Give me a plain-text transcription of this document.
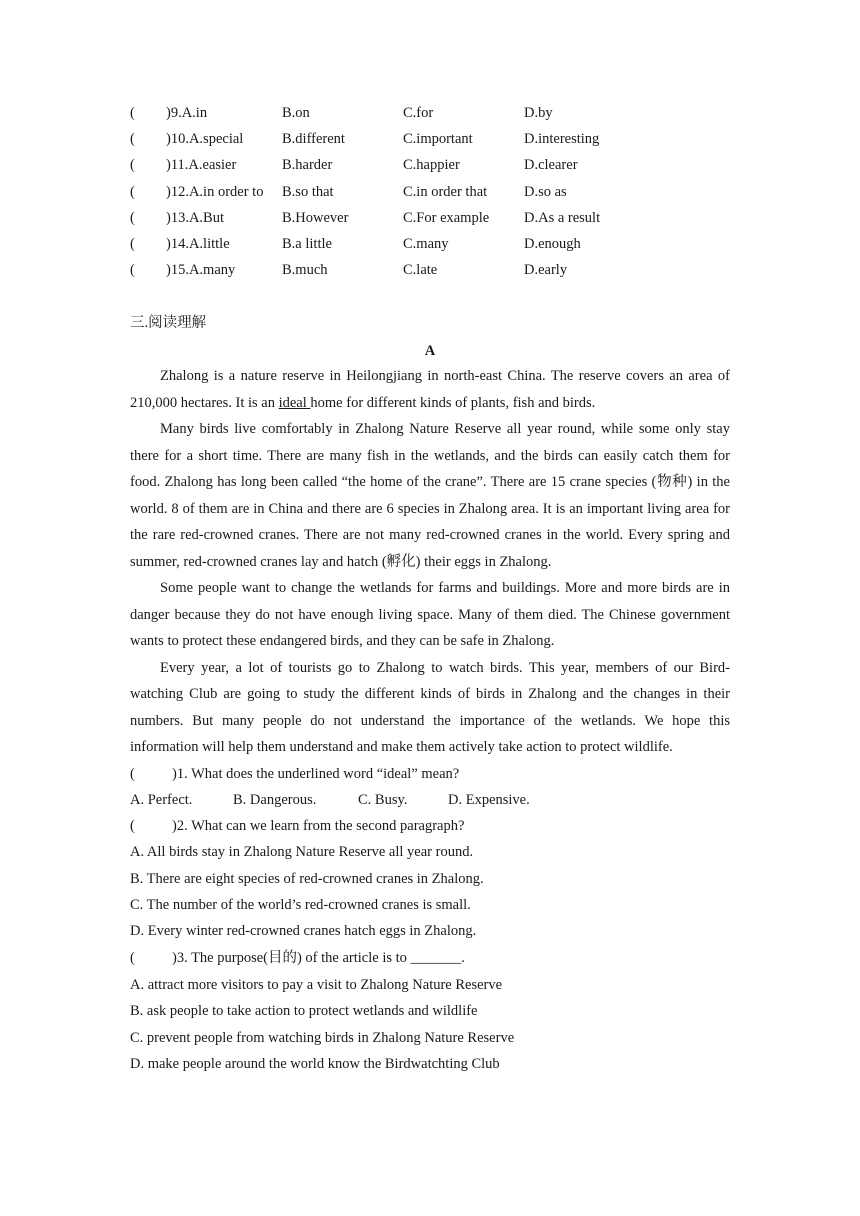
( )9.A.in	B.on	C.for	D.by
( )10.A.special	B.different	C.important	D.interesting
( )11.A.easier	B.harder	C.happier	D.clearer
( )12.A.in order to B.so that	C.in order that	D.so as
( )13.A.But	B.However	C.For example D.As a result
( )14.A.little	B.a little	C.many	D.enough
( )15.A.many	B.much	C.late	D.early
三.阅读理解
A

Zhalong is a nature reserve in Heilongjiang in north-east China. The reserve covers an area of 210,000 hectares. It is an ideal home for different kinds of plants, fish and birds.

Many birds live comfortably in Zhalong Nature Reserve all year round, while some only stay there for a short time. There are many fish in the wetlands, and the birds can easily catch them for food. Zhalong has long been called “the home of the crane”. There are 15 crane species (物种) in the world. 8 of them are in China and there are 6 species in Zhalong area. It is an important living area for the rare red-crowned cranes. There are not many red-crowned cranes in the world. Every spring and summer, red-crowned cranes lay and hatch (孵化) their eggs in Zhalong.

Some people want to change the wetlands for farms and buildings. More and more birds are in danger because they do not have enough living space. Many of them died. The Chinese government wants to protect these endangered birds, and they can be safe in Zhalong.

Every year, a lot of tourists go to Zhalong to watch birds. This year, members of our Bird-watching Club are going to study the different kinds of birds in Zhalong and the changes in their numbers. But many people do not understand the importance of the wetlands. We hope this information will help them understand and make them actively take action to protect wildlife.

(	)1. What does the underlined word “ideal” mean?
A. Perfect.	B. Dangerous.	C. Busy.	D. Expensive.
(	)2. What can we learn from the second paragraph?
A. All birds stay in Zhalong Nature Reserve all year round.
B. There are eight species of red-crowned cranes in Zhalong.
C. The number of the world’s red-crowned cranes is small.
D. Every winter red-crowned cranes hatch eggs in Zhalong.
(	)3. The purpose(目的) of the article is to _______.
A. attract more visitors to pay a visit to Zhalong Nature Reserve
B. ask people to take action to protect wetlands and wildlife
C. prevent people from watching birds in Zhalong Nature Reserve
D. make people around the world know the Birdwatchting Club
